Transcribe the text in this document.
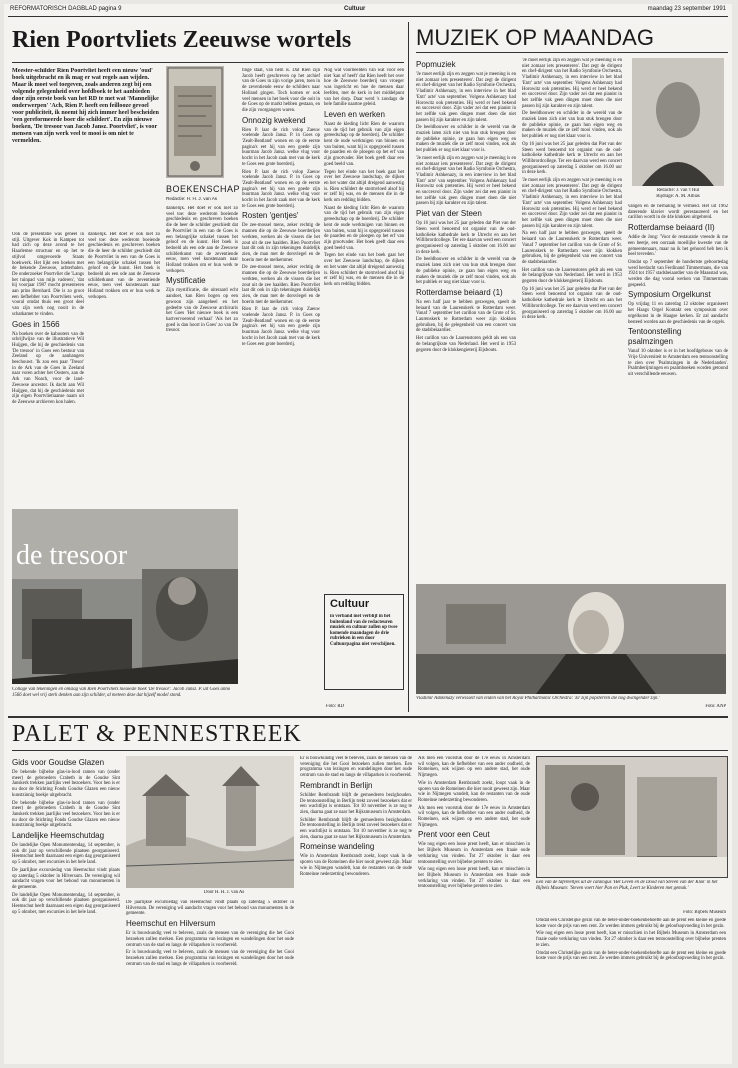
REFORMATORISCH DAGBLAD pagina 9	Cultuur	maandag 23 september 1991
Rien Poortvliets Zeeuwse wortels
Meester-schilder Rien Poortvliet heeft een nieuw 'oud' boek uitgebracht en ik mag er wat regels aan wijden. Maar ik moet wel toegeven, zoals anderen zegt bij een volgende gelegenheid over hofdboek te het aanbieden door zijn eerste boek van het RD te met wat 'Mannelijke onderwerpen' 'Ach, Rien P. heeft een feillooze gevoel voor publiciteit, ik noemt hij zich immer heel bescheiden 'een gereformeerde boer die schildert'. En zijn nieuwe boeken, 'De tresoor van Jacob Jansz. Poortvliet', is voor mensen van zijn werk veel te mooi is om niet te vermelden.
BOEKENSCHAP
Redactie: H. H. J. van As

Ook de presentatie was geheel in stijl. Uitgever Kok in Kampen tot had zich op deze avond te het Haarlemse structuur en op het te stijlvol omgevoerde Staats boekwerk. Het lijkt een boeken met de bekende Zeeuwse, achterhalen. De onderzoeker Poortvliet die 'Langs het tuinpad van mijn vaderen', 'dat hij voorjaar 1987 mocht presenteren aan prins Bernhard. Die is zo groot een liefhebber van Poortvliets werk, vooral omdat thuis een groot deel van zijn werk nog nooit in de schatkamer te vinden.

Goes in 1566

Na boeken over de kabouters van de schrijfwijze van de illustratieve Wil Huijgen, die hij de geschiedenis van 'De tresoor' in Goes een bestuur van Zeeland op de aanhangers beschouwt. 'Ik zou een paar 'Tresor' in de Ark van de Goes in Zeeland naar voren achter het Oosters, aan de Ark van Noach, voor de land-Zeeuwse ancestor. Ik dacht aan Wil Huijgen, dat hij de geschiedenis met zijn eigen Poortvlietiaanse naam uit de Zeeuwse archieven kon halen.

dankelijk. Het doet er ook niet zo veel toe: deze wederom boeiende geschiedenis en geschreven boeken die de heer de schilder geschiedt dat de Poortvliet in een van de Goes is een belangrijke schakel tussen het geloof en de kunst. Het boek is bedoeld als een ode aan de Zeeuwse schilderkunst van de zeventiende eeuw, toen veel kunstenaars naar Holland trokken om er hun werk te verkopen.

dankelijk. Het doet er ook niet zo veel toe: deze wederom boeiende geschiedenis en geschreven boeken die de heer de schilder geschiedt dat de Poortvliet in een van de Goes is een belangrijke schakel tussen het geloof en de kunst. Het boek is bedoeld als een ode aan de Zeeuwse schilderkunst van de zeventiende eeuw, toen veel kunstenaars naar Holland trokken om er hun werk te verkopen.

Mystificatie

Zijn mystificatie, die uiteraard echt aandoet, kan Rien bogen op een gewoon zijn aangeheel en het gedeelte van de Zeeuwse archivaris het Goes 'Het nieuwe boek is een hartvervoerend verhaal' 'Als het zo goed is dan hoort in Goes' zo van De tresoor.

tinge staat, van hem is. Dat Rien zijn Jacob heeft geschreven op het archief van de Goes in zijn vorige jaren, toen in de zeventiende eeuw de schilders naar Holland gingen. Toch komen er ook veel mensen in het boek voor die ooit in de Goes op de markt hebben gestaan, en die zijn voorgangers waren.

Onnozig kwekend

Rien P. laat de rich volop Zaeuw voelende Jacob Jansz. P. in Goes op 'Zealt-Beatland' wonen en op de eerste pagina's eet hij van een goede zijn buurman Jacob Jansz. welke vlug voor kocht in het Jacob zaak met van de kerk te Goes een grote boerderij.

Rien P. laat de rich volop Zaeuw voelende Jacob Jansz. P. in Goes op 'Zealt-Beatland' wonen en op de eerste pagina's eet hij van een goede zijn buurman Jacob Jansz. welke vlug voor kocht in het Jacob zaak met van de kerk te Goes een grote boerderij.

Rosten 'gentjes'

De zee-mossel mens, zeker rechtig de mannen die op de Zeeuwse boerderijen werkten, werken als de vissers die het zout uit de zee haalden. Rien Poortvliet laat dit ook in zijn tekeningen duidelijk zien, de man met de dorsvlegel en de boerin met de melkemmer.

De zee-mossel mens, zeker rechtig de mannen die op de Zeeuwse boerderijen werkten, werken als de vissers die het zout uit de zee haalden. Rien Poortvliet laat dit ook in zijn tekeningen duidelijk zien, de man met de dorsvlegel en de boerin met de melkemmer.

Rien P. laat de rich volop Zaeuw voelende Jacob Jansz. P. in Goes op 'Zealt-Beatland' wonen en op de eerste pagina's eet hij van een goede zijn buurman Jacob Jansz. welke vlug voor kocht in het Jacob zaak met van de kerk te Goes een grote boerderij.

Nog wat voorbeelden van wat voor een niet 'kan of heeft' dat Rien heeft het over hoe de Zeeuwse boerderij van vroeger was ingericht en hoe de mensen daar leefden, met de kerk in het middelpunt van het dorp. Daar werd 's zondags de hele familie naartoe geleid.

Leven en werken

Naast de kleding licht Rien de waarom van de tijd het gebruik van zijn eigen gereedschap op de boerderij. De schilder kent de oude werktuigen van binnen en van buiten, want hij is opgegroeid tussen de paarden en de ploegen op het erf van zijn grootvader. Het boek geeft daar een goed beeld van.

Tegen het einde van het boek gaat het over het Zeeuwse landschap, de dijken en het water dat altijd dreigend aanwezig is. Rien schildert de stormvloed alsof hij er zelf bij was, en de mensen die in de kerk om redding bidden.

Naast de kleding licht Rien de waarom van de tijd het gebruik van zijn eigen gereedschap op de boerderij. De schilder kent de oude werktuigen van binnen en van buiten, want hij is opgegroeid tussen de paarden en de ploegen op het erf van zijn grootvader. Het boek geeft daar een goed beeld van.

Tegen het einde van het boek gaat het over het Zeeuwse landschap, de dijken en het water dat altijd dreigend aanwezig is. Rien schildert de stormvloed alsof hij er zelf bij was, en de mensen die in de kerk om redding bidden.

Cultuur
in verband met verblijf in het buitenland van de redacteuren muziek en cultuur zullen op twee komende maandagen de drie rubrieken in een door Cultuurpagina niet verschijnen.
de tresoor
Collage van tekeningen en omslag van Rien Poortvliets nieuwste boek 'De tresoor'. Jacob Jansz. P. uit Goes anno 1566 doet wel vrij sterk denken aan zijn schilder, al meteen deze dat hijzelf model stond.
Foto: RD
MUZIEK OP MAANDAG
Popmuziek

'Je moet eerlijk zijn en zeggen wat je meening is en niet zomaar iets presenteren'. Dat zegt de dirigent en chef-dirigent van het Radio Symfonie Orchestra, Vladimir Ashkenazy, in een interview in het blad 'Entr' acte' van september. Volgens Ashkenazy had Horowitz ook pretenties. Hij werd er heel bekend en succesvol door. Zijn vader zei dat een pianist in het zelfde vak geen dingen moet doen die niet passen bij zijn karakter en zijn talent.

De beeldhouwer en schilder in de wereld van de muziek laten zich niet van hun stuk brengen door de publieke opinie, ze gaan hun eigen weg en maken de muziek die ze zelf mooi vinden, ook als het publiek er nog niet klaar voor is.

'Je moet eerlijk zijn en zeggen wat je meening is en niet zomaar iets presenteren'. Dat zegt de dirigent en chef-dirigent van het Radio Symfonie Orchestra, Vladimir Ashkenazy, in een interview in het blad 'Entr' acte' van september. Volgens Ashkenazy had Horowitz ook pretenties. Hij werd er heel bekend en succesvol door. Zijn vader zei dat een pianist in het zelfde vak geen dingen moet doen die niet passen bij zijn karakter en zijn talent.

Piet van der Steen

Op 16 juni was het 25 jaar geleden dat Piet van der Steen werd benoemd tot organist van de oud-katholieke kathedrale kerk te Utrecht en aan het Willibrordcollege. Ter ere daarvan werd een concert georganiseerd op zaterdag 5 oktober om 16.00 uur in deze kerk.

De beeldhouwer en schilder in de wereld van de muziek laten zich niet van hun stuk brengen door de publieke opinie, ze gaan hun eigen weg en maken de muziek die ze zelf mooi vinden, ook als het publiek er nog niet klaar voor is.

Rotterdamse beiaard (1)

Na een half jaar te hebben gezwegen, speelt de beiaard van de Laurenskerk te Rotterdam weer. Vanaf 7 september het carillon van de Grote of St. Laurenskerk te Rotterdam weer zijn klokken gebruiken, bij de gelegenheid van een concert van de stadsbeiaardier.

Het carillon van de Laurenstoren geldt als een van de belangrijkste van Nederland. Het werd in 1953 gegoten door de klokkengieterij Eijsbouts.

'Je moet eerlijk zijn en zeggen wat je meening is en niet zomaar iets presenteren'. Dat zegt de dirigent en chef-dirigent van het Radio Symfonie Orchestra, Vladimir Ashkenazy, in een interview in het blad 'Entr' acte' van september. Volgens Ashkenazy had Horowitz ook pretenties. Hij werd er heel bekend en succesvol door. Zijn vader zei dat een pianist in het zelfde vak geen dingen moet doen die niet passen bij zijn karakter en zijn talent.

De beeldhouwer en schilder in de wereld van de muziek laten zich niet van hun stuk brengen door de publieke opinie, ze gaan hun eigen weg en maken de muziek die ze zelf mooi vinden, ook als het publiek er nog niet klaar voor is.

Op 16 juni was het 25 jaar geleden dat Piet van der Steen werd benoemd tot organist van de oud-katholieke kathedrale kerk te Utrecht en aan het Willibrordcollege. Ter ere daarvan werd een concert georganiseerd op zaterdag 5 oktober om 16.00 uur in deze kerk.

'Je moet eerlijk zijn en zeggen wat je meening is en niet zomaar iets presenteren'. Dat zegt de dirigent en chef-dirigent van het Radio Symfonie Orchestra, Vladimir Ashkenazy, in een interview in het blad 'Entr' acte' van september. Volgens Ashkenazy had Horowitz ook pretenties. Hij werd er heel bekend en succesvol door. Zijn vader zei dat een pianist in het zelfde vak geen dingen moet doen die niet passen bij zijn karakter en zijn talent.

Na een half jaar te hebben gezwegen, speelt de beiaard van de Laurenskerk te Rotterdam weer. Vanaf 7 september het carillon van de Grote of St. Laurenskerk te Rotterdam weer zijn klokken gebruiken, bij de gelegenheid van een concert van de stadsbeiaardier.

Het carillon van de Laurenstoren geldt als een van de belangrijkste van Nederland. Het werd in 1953 gegoten door de klokkengieterij Eijsbouts.

Op 16 juni was het 25 jaar geleden dat Piet van der Steen werd benoemd tot organist van de oud-katholieke kathedrale kerk te Utrecht en aan het Willibrordcollege. Ter ere daarvan werd een concert georganiseerd op zaterdag 5 oktober om 16.00 uur in deze kerk.

Redactie: J. van 't Hul
Bijdrage: A. M. Albias

vangen en de herhaling te vermeid. Het uit 1962 daterende klavier wordt gerestaureerd en het carillon wordt in de 44e klokken uitgebreid.

Rotterdamse beiaard (II)

Addie de Jong: 'Voor de restauratie vreesde ik me een beetje, een oorzaak moeilijke kwestie van de gemeentenaars, maar nu ik het gehoord heb ben ik heel tevreden.'

Omdat op 7 september de hondertste geboortedag werd herdacht van Ferdinand Timmermans, die van 1924 tot 1957 stadsbeiaardier van de Maasstad was, werden die dag vooral werken van Timmermans gespeeld.

Symposium Orgelkunst

Op vrijdag 11 en zaterdag 12 oktober organiseert het Haags Orgel Kontakt een symposium over orgelkunst in de Haagse kerken. Er zal aandacht besteed worden aan de geschiedenis van de orgels.

Tentoonstelling psalmzingen

Vanaf 10 oktober is er in het hoofdgebouw van de Vrije Universiteit te Amsterdam een tentoonstelling te zien over 'Psalmzingen in de Nederlanden'. Psalmberijmingen en psalmboeken worden getoond uit verschillende eeuwen.

Vladimir Ashkenazy verwisselt van leiden van het Royal Philharmonic Orchestra: 'Er zijn popsterren die nog dwingender zijn.'
Foto: ANP
PALET & PENNESTREEK
Gids voor Goudse Glazen

De bekende bijbelse glas-in-lood ramen van (onder meer) de gebroeders Crabeth in de Goudse Sint Janskerk trekken jaarlijks veel bezoekers. Voor hen is er nu door de Stichting Fonds Goudse Glazen een nieuw kunstzinnig boekje uitgebracht.

De bekende bijbelse glas-in-lood ramen van (onder meer) de gebroeders Crabeth in de Goudse Sint Janskerk trekken jaarlijks veel bezoekers. Voor hen is er nu door de Stichting Fonds Goudse Glazen een nieuw kunstzinnig boekje uitgebracht.

Landelijke Heemschutdag

De landelijke Open Monumentendag, 14 september, is ook dit jaar op verschillende plaatsen georganiseerd. Heemschut heeft daarnaast een eigen dag georganiseerd op 5 oktober, met excursies in het hele land.

De jaarlijkse excursiedag van Heemschut vindt plaats op zaterdag 5 oktober in Hilversum. De vereniging wil aandacht vragen voor het behoud van monumenten in de gemeente.

De landelijke Open Monumentendag, 14 september, is ook dit jaar op verschillende plaatsen georganiseerd. Heemschut heeft daarnaast een eigen dag georganiseerd op 5 oktober, met excursies in het hele land.

Door H. H. J. van As

De jaarlijkse excursiedag van Heemschut vindt plaats op zaterdag 5 oktober in Hilversum. De vereniging wil aandacht vragen voor het behoud van monumenten in de gemeente.

Heemschut en Hilversum

Er is bouwkundig veel te beleven, zoals de mensen van de vereniging die het Gooi bezoeken zullen merken. Een programma van lezingen en wandelingen door het oude centrum van de stad en langs de villaparken is voorbereid.

Er is bouwkundig veel te beleven, zoals de mensen van de vereniging die het Gooi bezoeken zullen merken. Een programma van lezingen en wandelingen door het oude centrum van de stad en langs de villaparken is voorbereid.

Er is bouwkundig veel te beleven, zoals de mensen van de vereniging die het Gooi bezoeken zullen merken. Een programma van lezingen en wandelingen door het oude centrum van de stad en langs de villaparken is voorbereid.

Rembrandt in Berlijn

Schilder Rembrandt blijft de gemoederen bezighouden. De tentoonstelling in Berlijn trekt zoveel bezoekers dat er een wachtlijst is ontstaan. Tot 10 november is ze nog te zien, daarna gaat ze naar het Rijksmuseum in Amsterdam.

Schilder Rembrandt blijft de gemoederen bezighouden. De tentoonstelling in Berlijn trekt zoveel bezoekers dat er een wachtlijst is ontstaan. Tot 10 november is ze nog te zien, daarna gaat ze naar het Rijksmuseum in Amsterdam.

Romeinse wandeling

Wie in Amsterdam Rembrandt zoekt, loopt vaak in de sporen van de Romeinen die hier nooit geweest zijn. Maar wie in Nijmegen wandelt, kan de restanten van de oude Romeinse nederzetting bewonderen.

Als men een voorstuk door de 17e eeuw in Amsterdam wil volgen, kan de liefhebber van een ander oudheid, de Romeinen, ook wijzen op een andere stad, het oude Nijmegen.

Wie in Amsterdam Rembrandt zoekt, loopt vaak in de sporen van de Romeinen die hier nooit geweest zijn. Maar wie in Nijmegen wandelt, kan de restanten van de oude Romeinse nederzetting bewonderen.

Als men een voorstuk door de 17e eeuw in Amsterdam wil volgen, kan de liefhebber van een ander oudheid, de Romeinen, ook wijzen op een andere stad, het oude Nijmegen.

Prent voor een Ceut

Wie nog eigen een losse prent heeft, kan er misschien in het Bijbels Museum in Amsterdam een fraaie oude verklaring van vinden. Tot 27 oktober is daar een tentoonstelling over bijbelse prenten te zien.

Wie nog eigen een losse prent heeft, kan er misschien in het Bijbels Museum in Amsterdam een fraaie oude verklaring van vinden. Tot 27 oktober is daar een tentoonstelling over bijbelse prenten te zien.

Een van de tafereeltjes uit de catalogus 'Het Leven en de Dood van Steven van der Klok' in het Bijbels Museum: 'Steven voert hier Pan en Pluk, Leert ze Kinderen met gemak.'
Foto: Bijbels Museum

Omdat een Christelijke gezin van de beter-onder-boekenbehoefte aan de prent een kleine en goede koste voor de prijs van een cent. Ze werden immers gebruikt bij de geloofsopvoeding in het gezin.

Wie nog eigen een losse prent heeft, kan er misschien in het Bijbels Museum in Amsterdam een fraaie oude verklaring van vinden. Tot 27 oktober is daar een tentoonstelling over bijbelse prenten te zien.

Omdat een Christelijke gezin van de beter-onder-boekenbehoefte aan de prent een kleine en goede koste voor de prijs van een cent. Ze werden immers gebruikt bij de geloofsopvoeding in het gezin.
